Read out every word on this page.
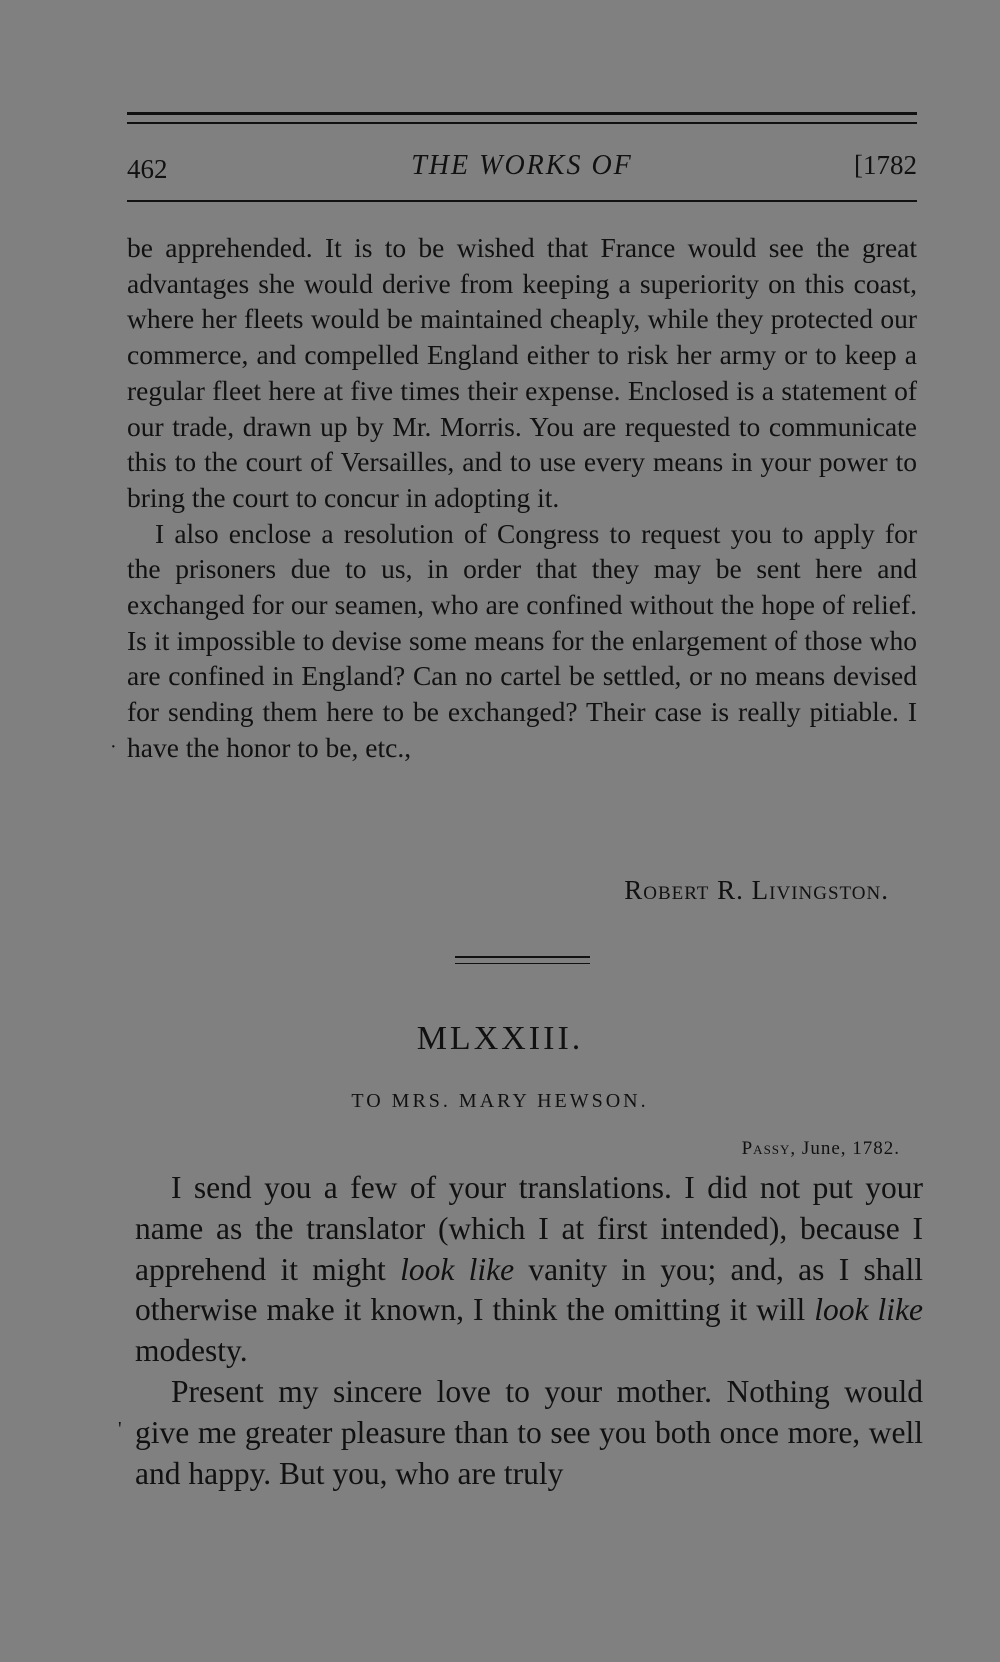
462	THE WORKS OF	[1782

be apprehended. It is to be wished that France would see the great advantages she would derive from keeping a superiority on this coast, where her fleets would be maintained cheaply, while they protected our commerce, and compelled England either to risk her army or to keep a regular fleet here at five times their expense. Enclosed is a statement of our trade, drawn up by Mr. Morris. You are requested to communicate this to the court of Versailles, and to use every means in your power to bring the court to concur in adopting it.

I also enclose a resolution of Congress to request you to apply for the prisoners due to us, in order that they may be sent here and exchanged for our seamen, who are confined without the hope of relief. Is it impossible to devise some means for the enlargement of those who are confined in England? Can no cartel be settled, or no means devised for sending them here to be exchanged? Their case is really pitiable. I have the honor to be, etc.,

Robert R. Livingston.
MLXXIII.
TO MRS. MARY HEWSON.
Passy, June, 1782.

I send you a few of your translations. I did not put your name as the translator (which I at first intended), because I apprehend it might look like vanity in you; and, as I shall otherwise make it known, I think the omitting it will look like modesty.

Present my sincere love to your mother. Nothing would give me greater pleasure than to see you both once more, well and happy. But you, who are truly

·
'
